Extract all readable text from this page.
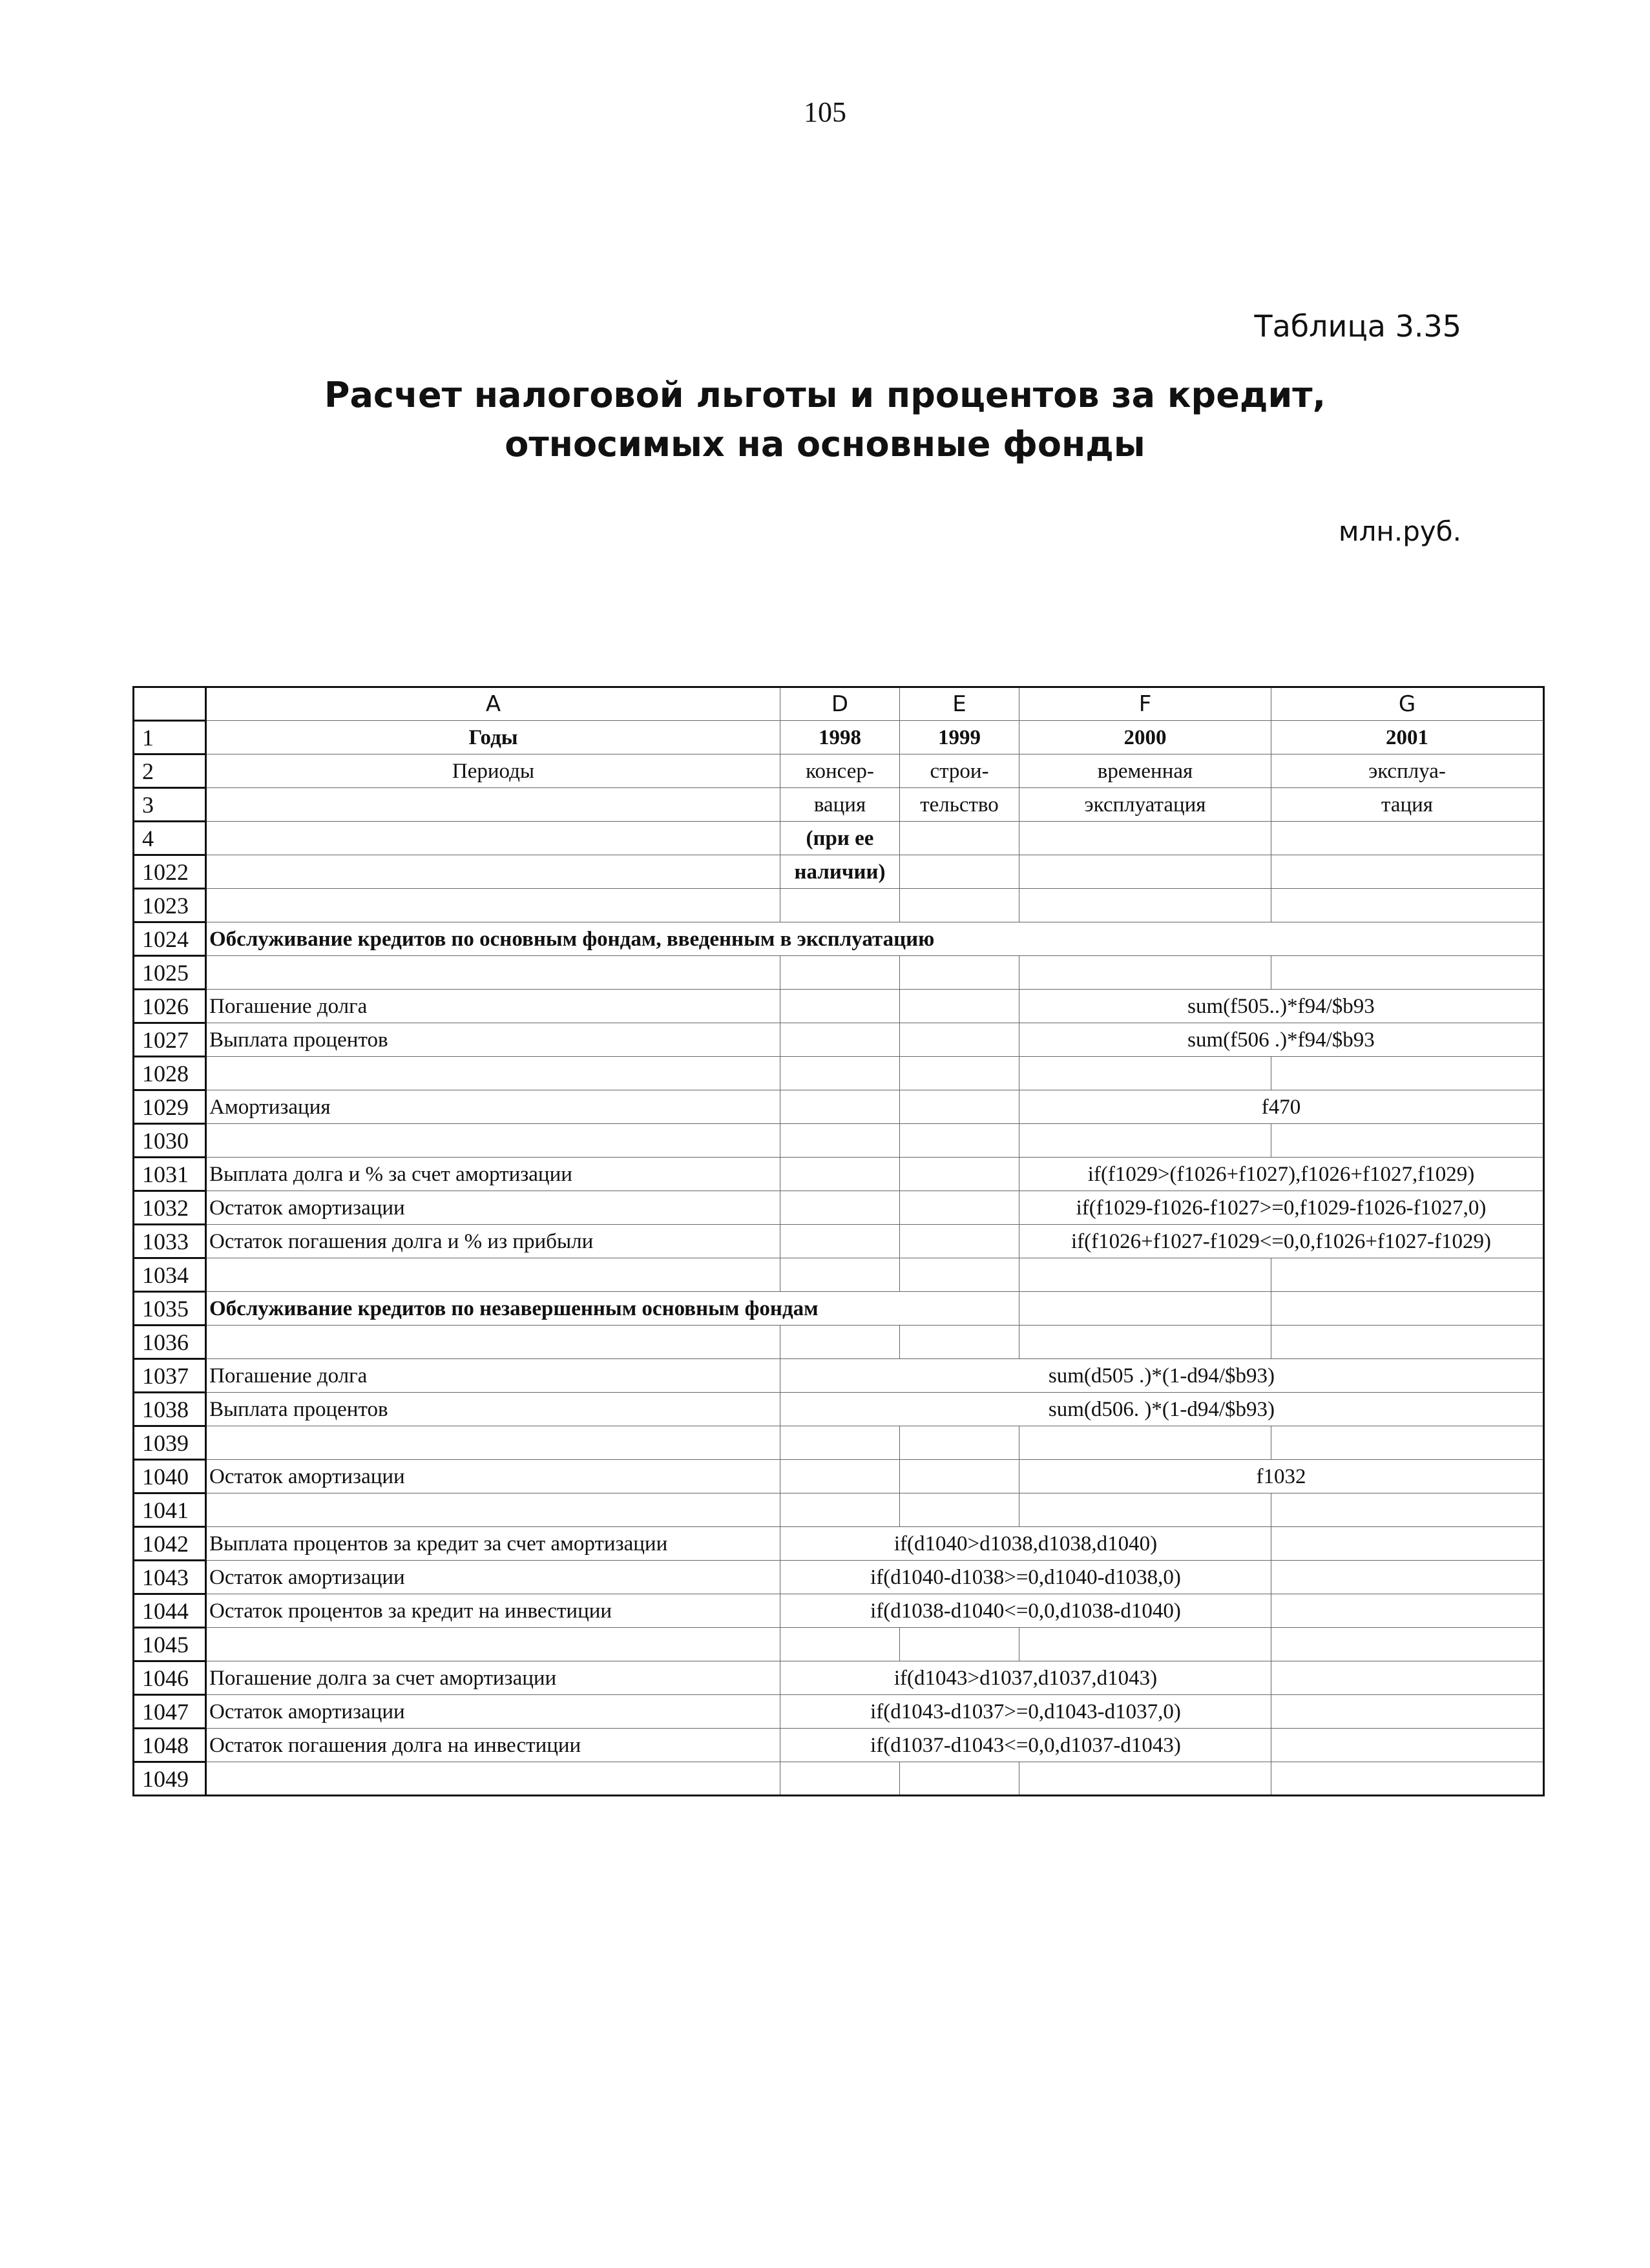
105
Таблица 3.35
Расчет налоговой льготы и процентов за кредит,
относимых на основные фонды
млн.руб.
	A	D	E	F	G
1	Годы	1998	1999	2000	2001
2	Периоды	консер-	строи-	временная	эксплуа-
3		вация	тельство	эксплуатация	тация
4		(при ее			
1022		наличии)			
1023					
1024	Обслуживание кредитов по основным фондам, введенным в эксплуатацию				
1025					
1026	Погашение долга			sum(f505..)*f94/$b93	
1027	Выплата процентов			sum(f506 .)*f94/$b93	
1028					
1029	Амортизация			f470	
1030					
1031	Выплата долга и % за счет амортизации			if(f1029>(f1026+f1027),f1026+f1027,f1029)	
1032	Остаток амортизации			if(f1029-f1026-f1027>=0,f1029-f1026-f1027,0)	
1033	Остаток погашения долга и % из прибыли			if(f1026+f1027-f1029<=0,0,f1026+f1027-f1029)	
1034					
1035	Обслуживание кредитов по незавершенным основным фондам				
1036					
1037	Погашение долга	sum(d505 .)*(1-d94/$b93)			
1038	Выплата процентов	sum(d506. )*(1-d94/$b93)			
1039					
1040	Остаток амортизации			f1032	
1041					
1042	Выплата процентов за кредит за счет амортизации	if(d1040>d1038,d1038,d1040)			
1043	Остаток амортизации	if(d1040-d1038>=0,d1040-d1038,0)			
1044	Остаток процентов за кредит на инвестиции	if(d1038-d1040<=0,0,d1038-d1040)			
1045					
1046	Погашение долга за счет амортизации	if(d1043>d1037,d1037,d1043)			
1047	Остаток амортизации	if(d1043-d1037>=0,d1043-d1037,0)			
1048	Остаток погашения долга на инвестиции	if(d1037-d1043<=0,0,d1037-d1043)			
1049					
